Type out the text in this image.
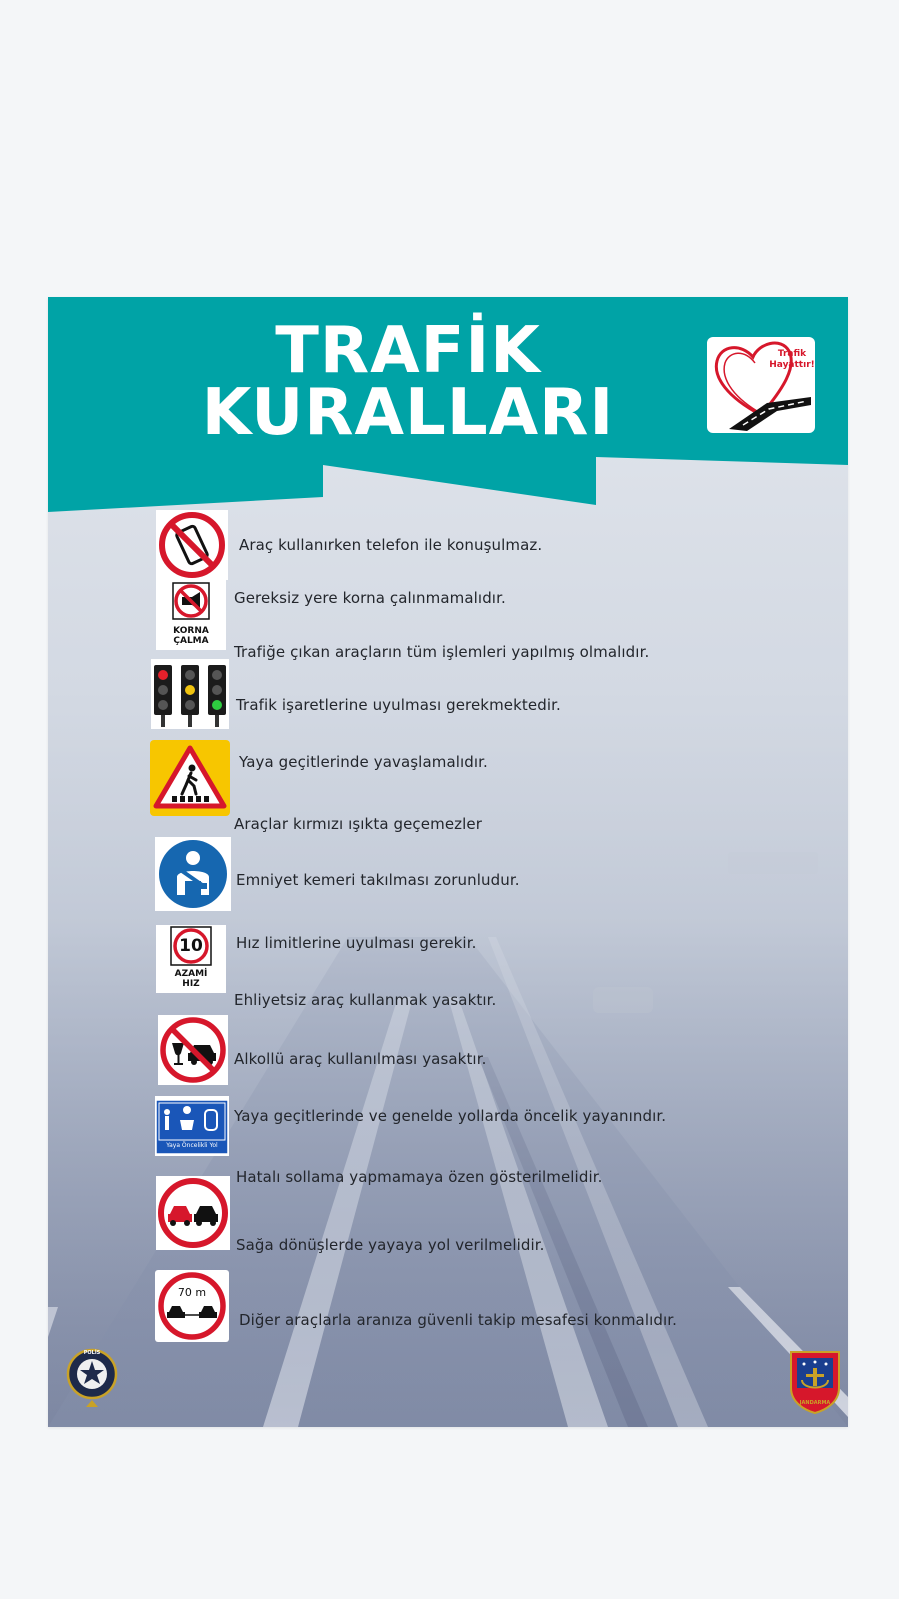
TRAFİK
KURALLARI
Trafik
Hayattır!
KORNA
ÇALMA
10
AZAMİ
HIZ
Yaya Öncelikli Yol
70 m
Araç kullanırken telefon ile konuşulmaz.
Gereksiz yere korna çalınmamalıdır.
Trafiğe çıkan araçların tüm işlemleri yapılmış olmalıdır.
Trafik işaretlerine uyulması gerekmektedir.
Yaya geçitlerinde yavaşlamalıdır.
Araçlar kırmızı ışıkta geçemezler
Emniyet kemeri takılması zorunludur.
Hız limitlerine uyulması gerekir.
Ehliyetsiz araç kullanmak yasaktır.
Alkollü araç kullanılması yasaktır.
Yaya geçitlerinde ve genelde yollarda öncelik yayanındır.
Hatalı sollama yapmamaya özen gösterilmelidir.
Sağa dönüşlerde yayaya yol verilmelidir.
Diğer araçlarla aranıza güvenli takip mesafesi konmalıdır.
POLİS
JANDARMA
